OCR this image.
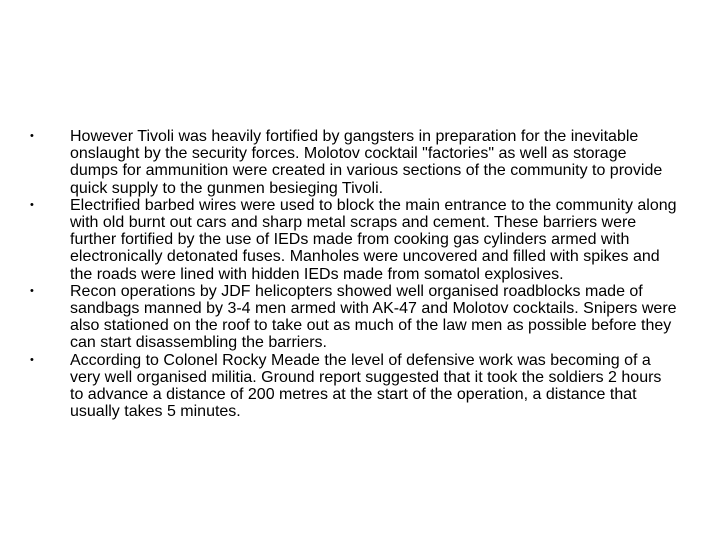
•	However Tivoli was heavily fortified by gangsters in preparation for the inevitable onslaught by the security forces. Molotov cocktail "factories" as well as storage dumps for ammunition were created in various sections of the community to provide quick supply to the gunmen besieging Tivoli.
•	Electrified barbed wires were used to block the main entrance to the community along with old burnt out cars and sharp metal scraps and cement. These barriers were further fortified by the use of IEDs made from cooking gas cylinders armed with electronically detonated fuses. Manholes were uncovered and filled with spikes and the roads were lined with hidden IEDs made from somatol explosives.
•	Recon operations by JDF helicopters showed well organised roadblocks made of sandbags manned by 3-4 men armed with AK-47 and Molotov cocktails. Snipers were also stationed on the roof to take out as much of the law men as possible before they can start disassembling the barriers.
•	According to Colonel Rocky Meade the level of defensive work was becoming of a very well organised militia. Ground report suggested that it took the soldiers 2 hours to advance a distance of 200 metres at the start of the operation, a distance that usually takes 5 minutes.
